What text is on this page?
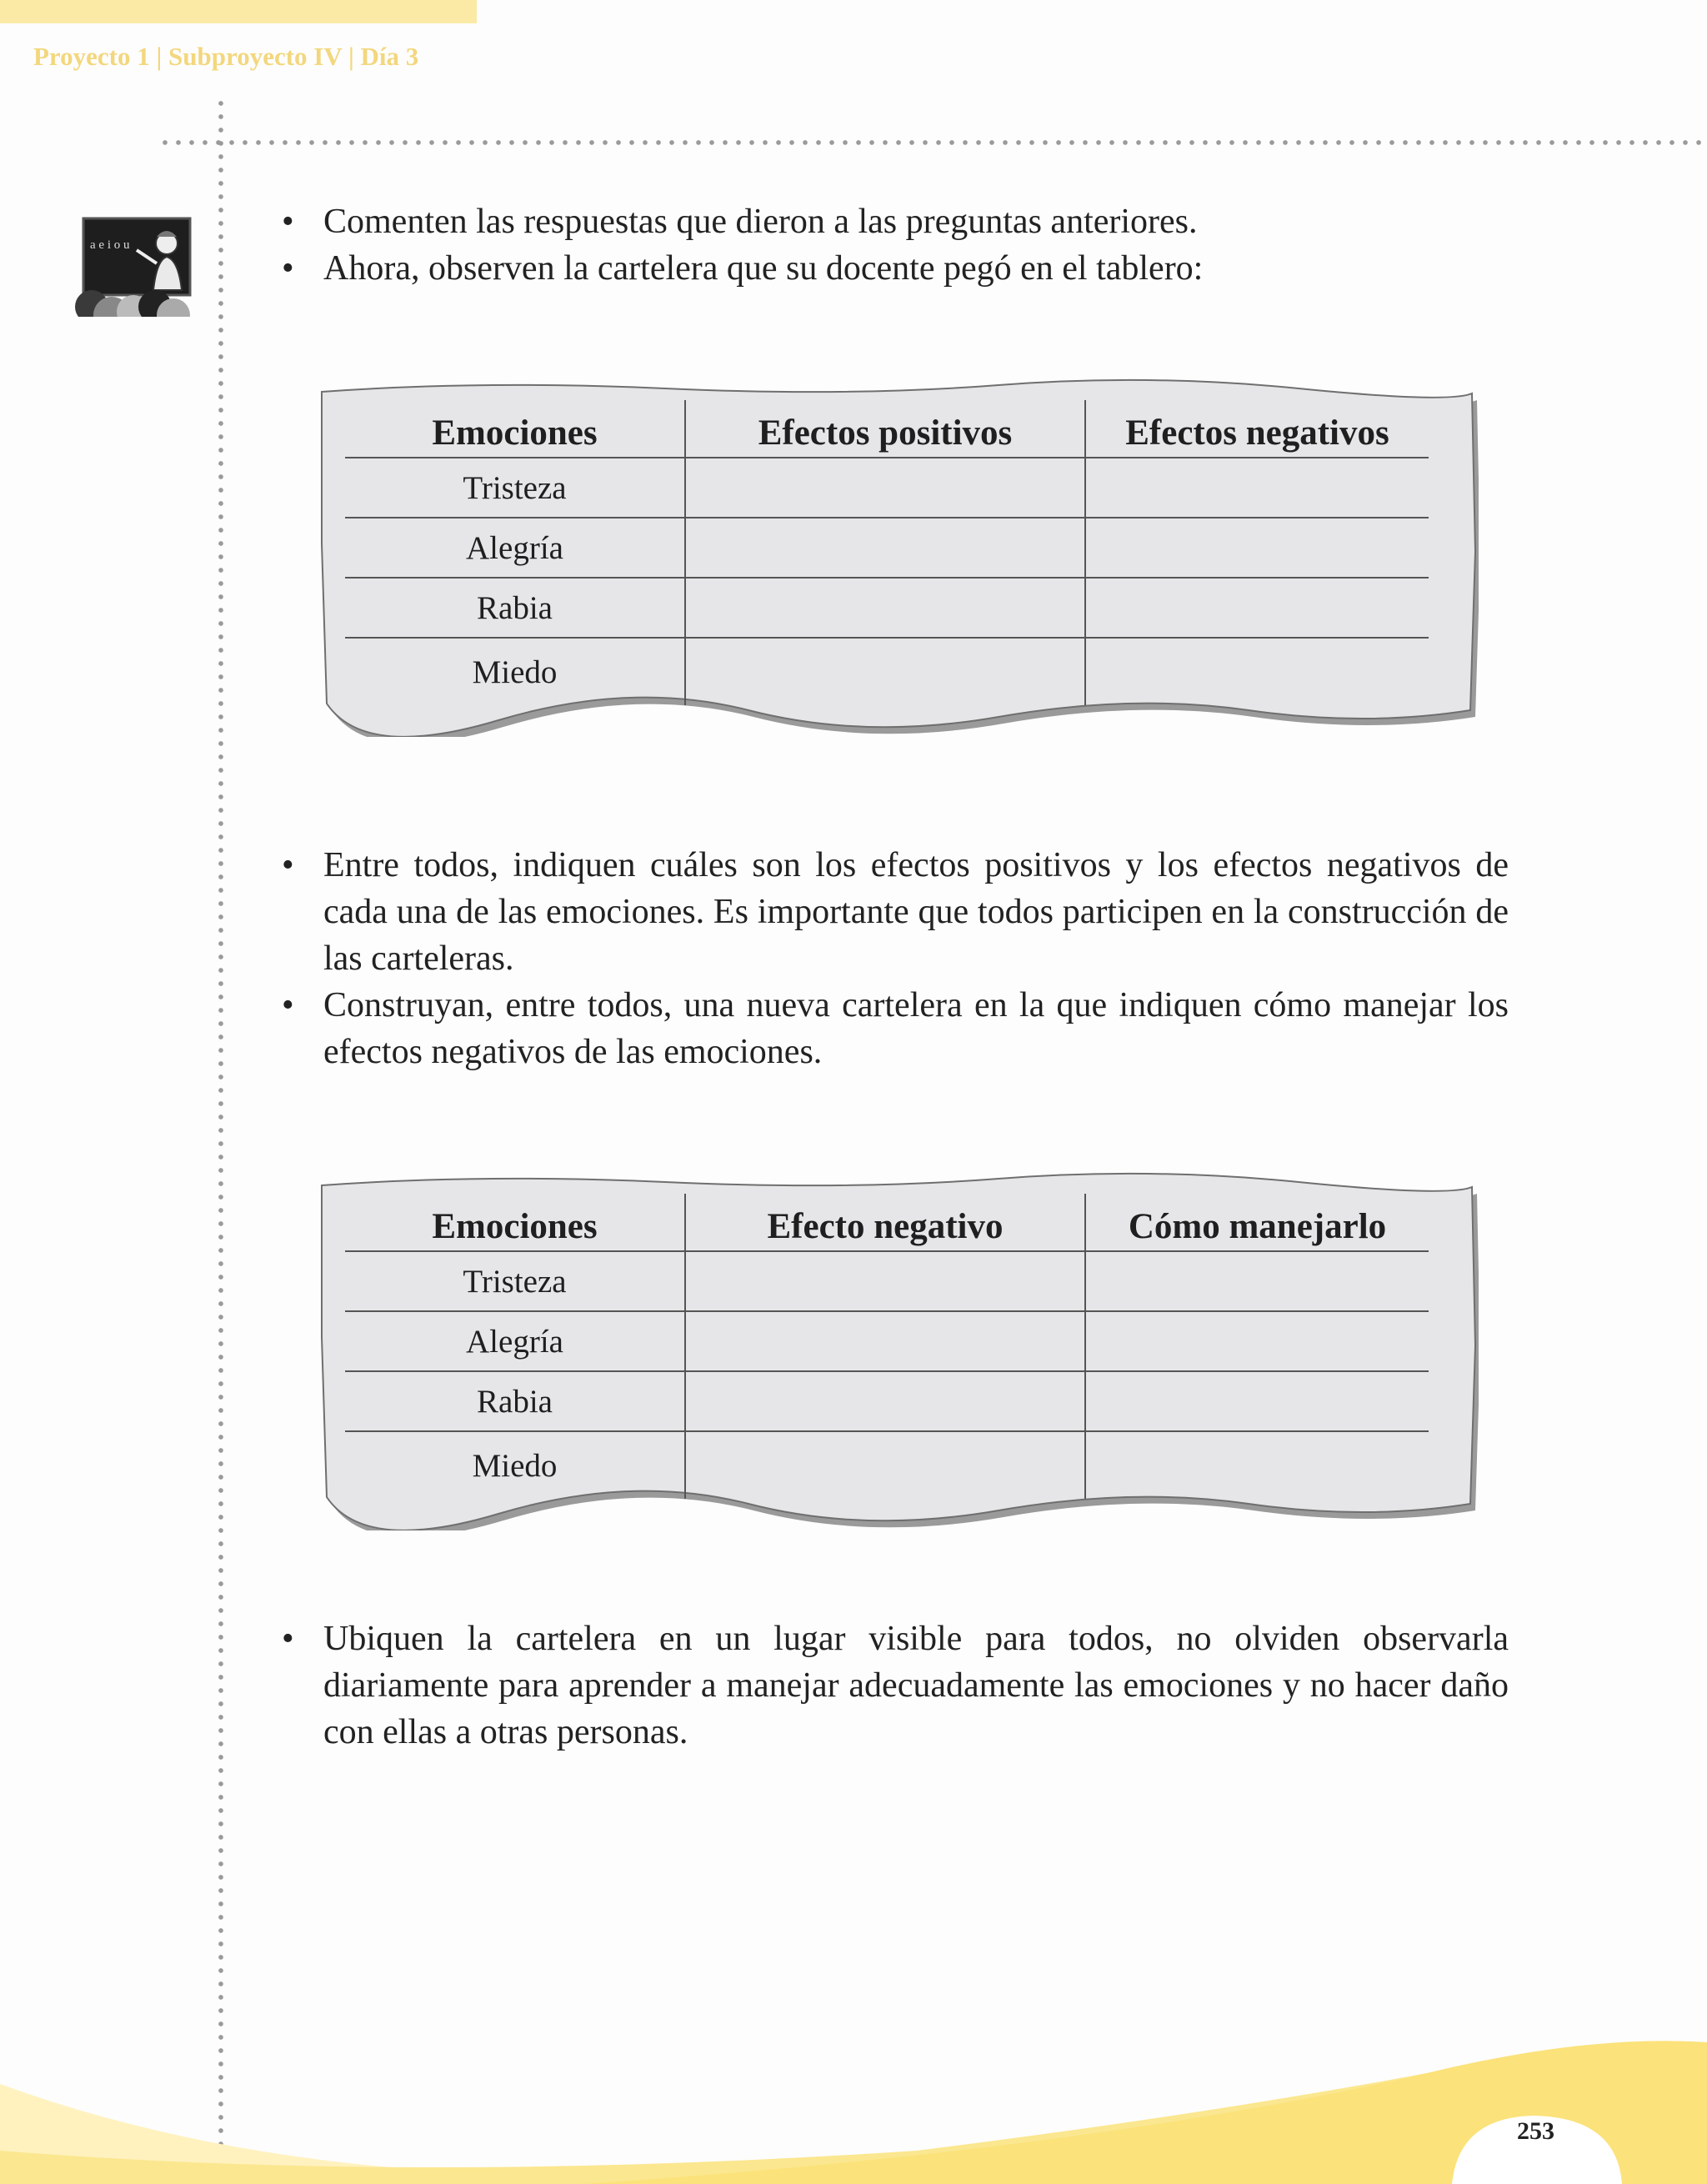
Proyecto 1 | Subproyecto IV | Día 3
a e i o u
• Comenten las respuestas que dieron a las preguntas anteriores.
• Ahora, observen la cartelera que su docente pegó en el tablero:
Emociones	Efectos positivos	Efectos negativos
Tristeza		
Alegría		
Rabia		
Miedo		
• Entre todos, indiquen cuáles son los efectos positivos y los efectos negativos de cada una de las emociones. Es importante que todos participen en la construcción de las carteleras.
• Construyan, entre todos, una nueva cartelera en la que indiquen cómo manejar los efectos negativos de las emociones.
Emociones	Efecto negativo	Cómo manejarlo
Tristeza		
Alegría		
Rabia		
Miedo		
• Ubiquen la cartelera en un lugar visible para todos, no olviden observarla diariamente para aprender a manejar adecuadamente las emociones y no hacer daño con ellas a otras personas.
253
